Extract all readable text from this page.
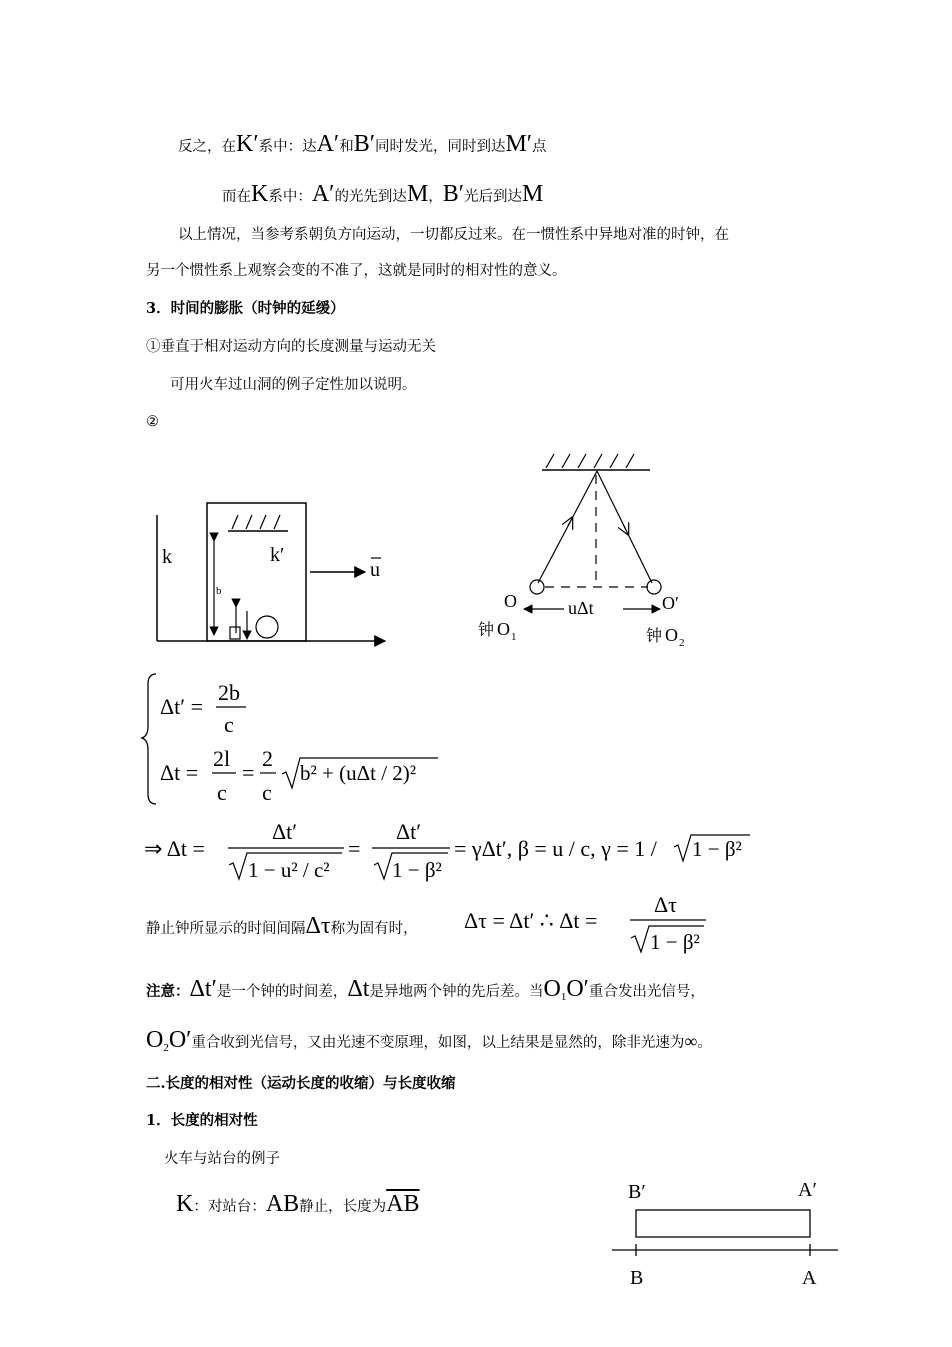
反之，在K′系中：达A′和B′同时发光，同时到达M′点
而在K系中：A′的光先到达M，B′光后到达M
以上情况，当参考系朝负方向运动，一切都反过来。在一惯性系中异地对准的时钟，在
另一个惯性系上观察会变的不准了，这就是同时的相对性的意义。
3．时间的膨胀（时钟的延缓）
①垂直于相对运动方向的长度测量与运动无关
可用火车过山洞的例子定性加以说明。
②
k	k′
b
u
O	O′
uΔt
钟 O 1	钟 O 2
Δt′ =
2b
c
Δt =
2l
c
=
2
c
b² + (uΔt / 2)²
⇒ Δt =
Δt′
1 − u² / c²
=
Δt′
1 − β²
= γΔt′, β = u / c, γ = 1 / 1 − β²
静止钟所显示的时间间隔Δτ称为固有时， Δτ = Δt′ ∴ Δt =
Δτ
1 − β²
注意：Δt′是一个钟的时间差，Δt是异地两个钟的先后差。当$O_1O'$重合发出光信号，
$O_2O'$重合收到光信号，又由光速不变原理，如图，以上结果是显然的，除非光速为∞。
二.长度的相对性（运动长度的收缩）与长度收缩
1．长度的相对性
火车与站台的例子
K：对站台：AB静止，长度为$\overline{AB}$	B′	A′
B	A
